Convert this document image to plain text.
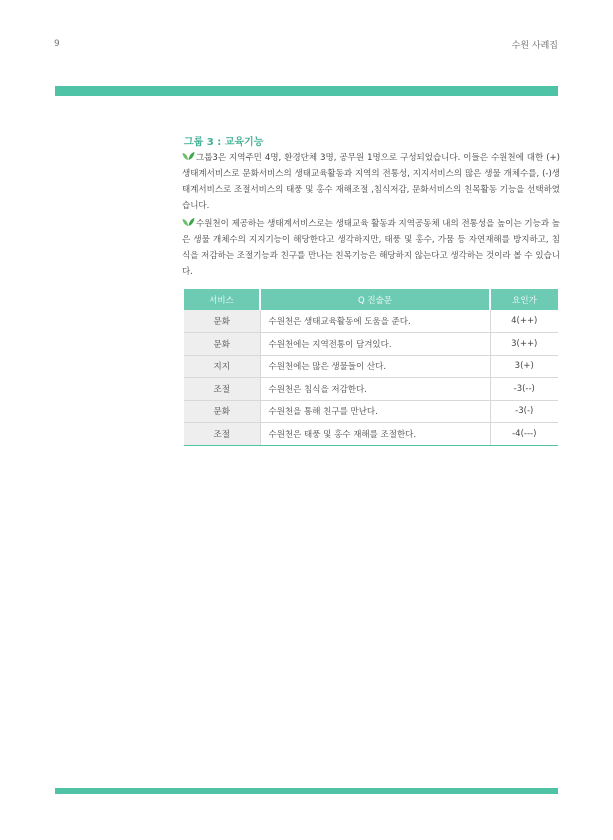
9	수원 사례집
그룹 3 : 교육기능

그룹3은 지역주민 4명, 환경단체 3명, 공무원 1명으로 구성되었습니다. 이들은 수원천에 대한 (+) 생태계서비스로 문화서비스의 생태교육활동과 지역의 전통성, 지지서비스의 많은 생물 개체수를, (-)생태계서비스로 조절서비스의 태풍 및 홍수 재해조절 ,침식저감, 문화서비스의 친목활동 기능을 선택하였습니다.

수원천이 제공하는 생태계서비스로는 생태교육 활동과 지역공동체 내의 전통성을 높이는 기능과 높은 생물 개체수의 지지기능이 해당한다고 생각하지만, 태풍 및 홍수, 가뭄 등 자연재해를 방지하고, 침식을 저감하는 조절기능과 친구를 만나는 친목기능은 해당하지 않는다고 생각하는 것이라 볼 수 있습니다.

서비스	Q 진술문	요인가
문화	수원천은 생태교육활동에 도움을 준다.	4(++)
문화	수원천에는 지역전통이 담겨있다.	3(++)
지지	수원천에는 많은 생물들이 산다.	3(+)
조절	수원천은 침식을 저감한다.	-3(--)
문화	수원천을 통해 친구를 만난다.	-3(-)
조절	수원천은 태풍 및 홍수 재해를 조절한다.	-4(---)
